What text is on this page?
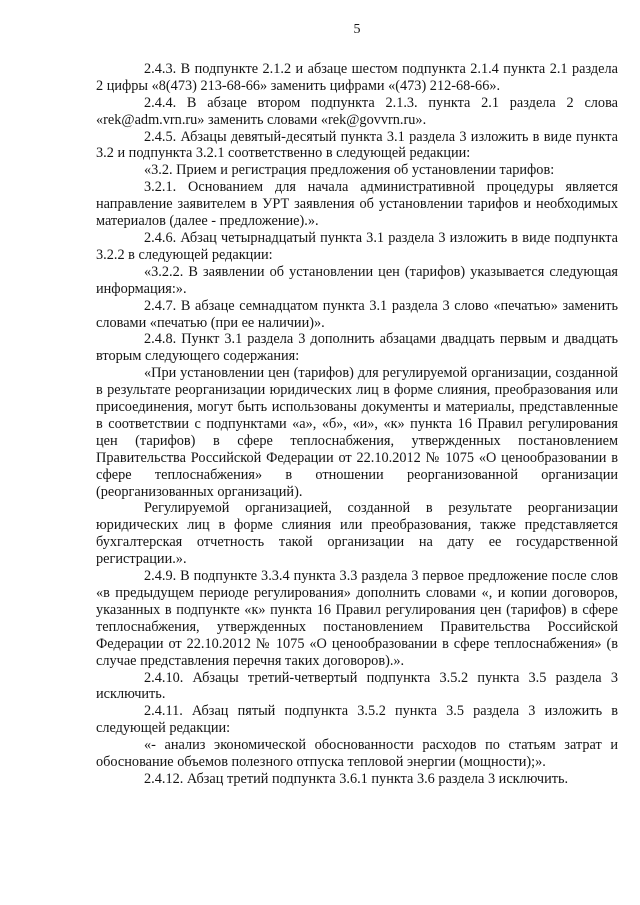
5

2.4.3. В подпункте 2.1.2 и абзаце шестом подпункта 2.1.4 пункта 2.1 раздела 2 цифры «8(473) 213-68-66» заменить цифрами «(473) 212-68-66».

2.4.4. В абзаце втором подпункта 2.1.3. пункта 2.1 раздела 2 слова «rek@adm.vrn.ru» заменить словами «rek@govvrn.ru».

2.4.5. Абзацы девятый-десятый пункта 3.1 раздела 3 изложить в виде пункта 3.2 и подпункта 3.2.1 соответственно в следующей редакции:

«3.2. Прием и регистрация предложения об установлении тарифов:

3.2.1. Основанием для начала административной процедуры является направление заявителем в УРТ заявления об установлении тарифов и необходимых материалов (далее - предложение).».

2.4.6. Абзац четырнадцатый пункта 3.1 раздела 3 изложить в виде подпункта 3.2.2 в следующей редакции:

«3.2.2. В заявлении об установлении цен (тарифов) указывается следующая информация:».

2.4.7. В абзаце семнадцатом пункта 3.1 раздела 3 слово «печатью» заменить словами «печатью (при ее наличии)».

2.4.8. Пункт 3.1 раздела 3 дополнить абзацами двадцать первым и двадцать вторым следующего содержания:

«При установлении цен (тарифов) для регулируемой организации, созданной в результате реорганизации юридических лиц в форме слияния, преобразования или присоединения, могут быть использованы документы и материалы, представленные в соответствии с подпунктами «а», «б», «и», «к» пункта 16 Правил регулирования цен (тарифов) в сфере теплоснабжения, утвержденных постановлением Правительства Российской Федерации от 22.10.2012 № 1075 «О ценообразовании в сфере теплоснабжения» в отношении реорганизованной организации (реорганизованных организаций).

Регулируемой организацией, созданной в результате реорганизации юридических лиц в форме слияния или преобразования, также представляется бухгалтерская отчетность такой организации на дату ее государственной регистрации.».

2.4.9. В подпункте 3.3.4 пункта 3.3 раздела 3 первое предложение после слов «в предыдущем периоде регулирования» дополнить словами «, и копии договоров, указанных в подпункте «к» пункта 16 Правил регулирования цен (тарифов) в сфере теплоснабжения, утвержденных постановлением Правительства Российской Федерации от 22.10.2012 № 1075 «О ценообразовании в сфере теплоснабжения» (в случае представления перечня таких договоров).».

2.4.10. Абзацы третий-четвертый подпункта 3.5.2 пункта 3.5 раздела 3 исключить.

2.4.11. Абзац пятый подпункта 3.5.2 пункта 3.5 раздела 3 изложить в следующей редакции:

«- анализ экономической обоснованности расходов по статьям затрат и обоснование объемов полезного отпуска тепловой энергии (мощности);».

2.4.12. Абзац третий подпункта 3.6.1 пункта 3.6 раздела 3 исключить.
